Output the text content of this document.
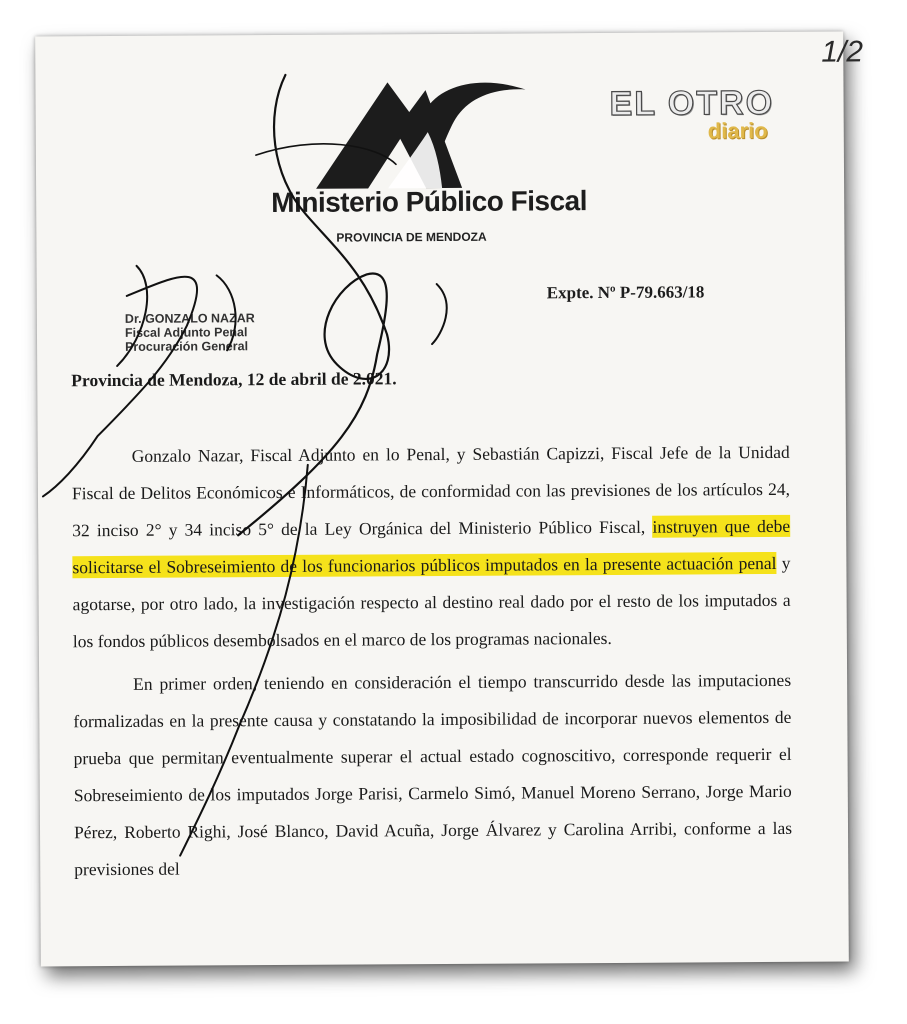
Ministerio Público Fiscal
PROVINCIA DE MENDOZA
EL OTRO
diario
1/2
Expte. Nº P-79.663/18
Dr. GONZALO NAZAR
Fiscal Adjunto Penal
Procuración General
Provincia de Mendoza, 12 de abril de 2.021.

Gonzalo Nazar, Fiscal Adjunto en lo Penal, y Sebastián Capizzi, Fiscal Jefe de la Unidad Fiscal de Delitos Económicos e Informáticos, de conformidad con las previsiones de los artículos 24, 32 inciso 2° y 34 inciso 5° de la Ley Orgánica del Ministerio Público Fiscal, instruyen que debe solicitarse el Sobreseimiento de los funcionarios públicos imputados en la presente actuación penal y agotarse, por otro lado, la investigación respecto al destino real dado por el resto de los imputados a los fondos públicos desembolsados en el marco de los programas nacionales.

En primer orden, teniendo en consideración el tiempo transcurrido desde las imputaciones formalizadas en la presente causa y constatando la imposibilidad de incorporar nuevos elementos de prueba que permitan eventualmente superar el actual estado cognoscitivo, corresponde requerir el Sobreseimiento de los imputados Jorge Parisi, Carmelo Simó, Manuel Moreno Serrano, Jorge Mario Pérez, Roberto Righi, José Blanco, David Acuña, Jorge Álvarez y Carolina Arribi, conforme a las previsiones del
